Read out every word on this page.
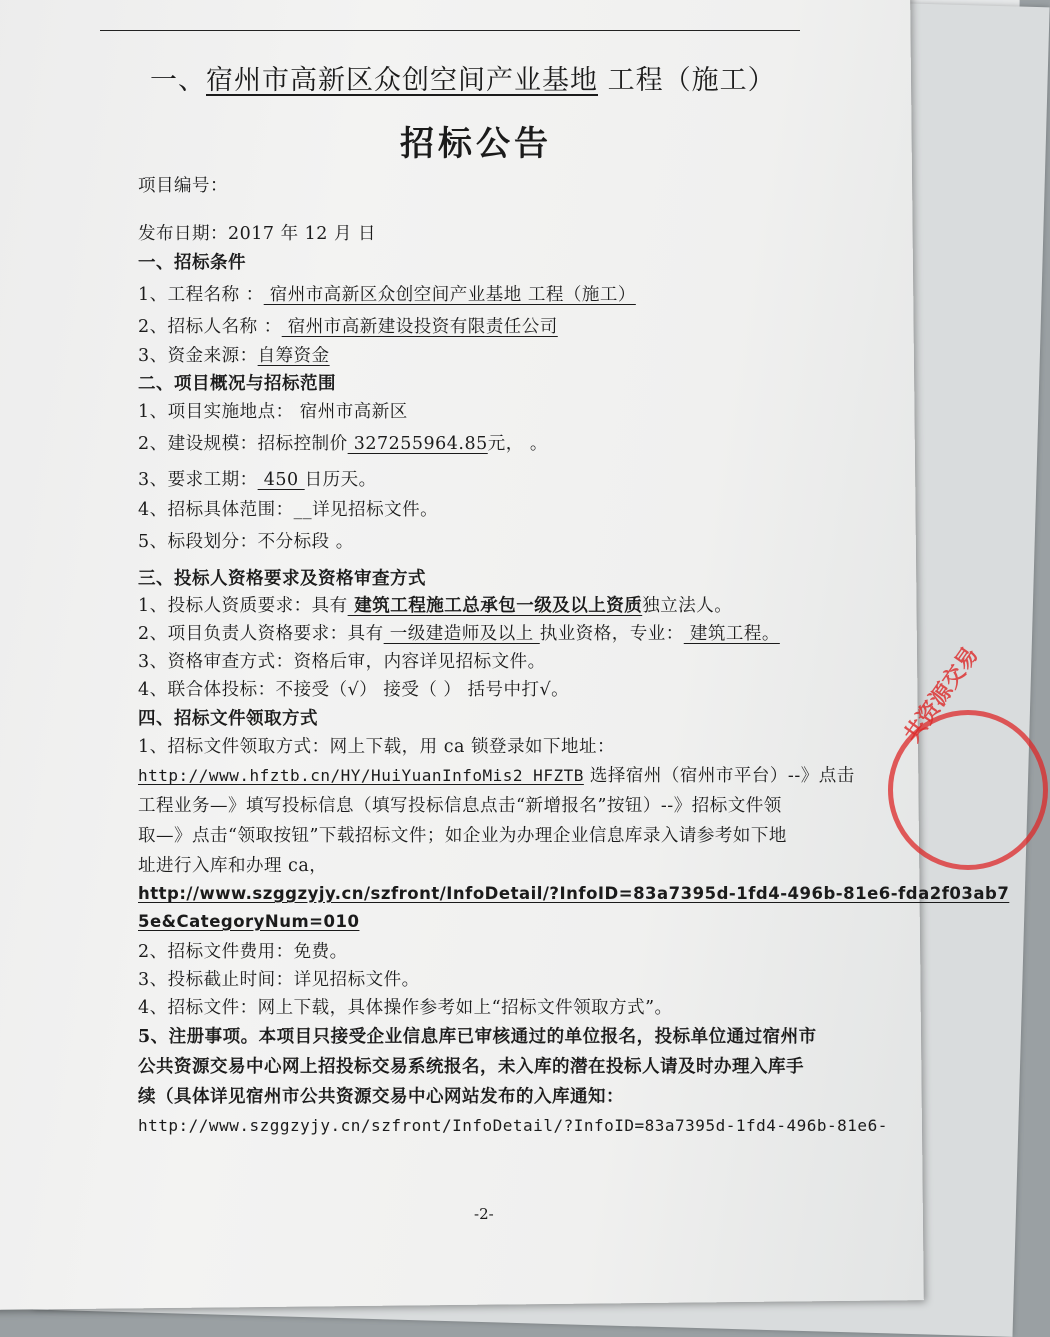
一、宿州市高新区众创空间产业基地 工程（施工）
招标公告
项目编号：
发布日期：2017 年 12 月 日
一、招标条件
1、工程名称 ： 宿州市高新区众创空间产业基地 工程（施工）
2、招标人名称 ： 宿州市高新建设投资有限责任公司
3、资金来源：自筹资金
二、项目概况与招标范围
1、项目实施地点： 宿州市高新区
2、建设规模：招标控制价 327255964.85元， 。
3、要求工期： 450 日历天。
4、招标具体范围：__详见招标文件。
5、标段划分：不分标段 。
三、投标人资格要求及资格审查方式
1、投标人资质要求：具有 建筑工程施工总承包一级及以上资质独立法人。
2、项目负责人资格要求：具有 一级建造师及以上 执业资格，专业： 建筑工程。
3、资格审查方式：资格后审，内容详见招标文件。
4、联合体投标：不接受（√） 接受（ ） 括号中打√。
四、招标文件领取方式
1、招标文件领取方式：网上下载，用 ca 锁登录如下地址：
http://www.hfztb.cn/HY/HuiYuanInfoMis2_HFZTB 选择宿州（宿州市平台）--》点击
工程业务—》填写投标信息（填写投标信息点击“新增报名”按钮）--》招标文件领
取—》点击“领取按钮”下载招标文件；如企业为办理企业信息库录入请参考如下地
址进行入库和办理 ca，
http://www.szggzyjy.cn/szfront/InfoDetail/?InfoID=83a7395d-1fd4-496b-81e6-fda2f03ab7
5e&CategoryNum=010
2、招标文件费用：免费。
3、投标截止时间：详见招标文件。
4、招标文件：网上下载，具体操作参考如上“招标文件领取方式”。
5、注册事项。本项目只接受企业信息库已审核通过的单位报名，投标单位通过宿州市
公共资源交易中心网上招投标交易系统报名，未入库的潜在投标人请及时办理入库手
续（具体详见宿州市公共资源交易中心网站发布的入库通知：
http://www.szggzyjy.cn/szfront/InfoDetail/?InfoID=83a7395d-1fd4-496b-81e6-
-2-
共资源交易
